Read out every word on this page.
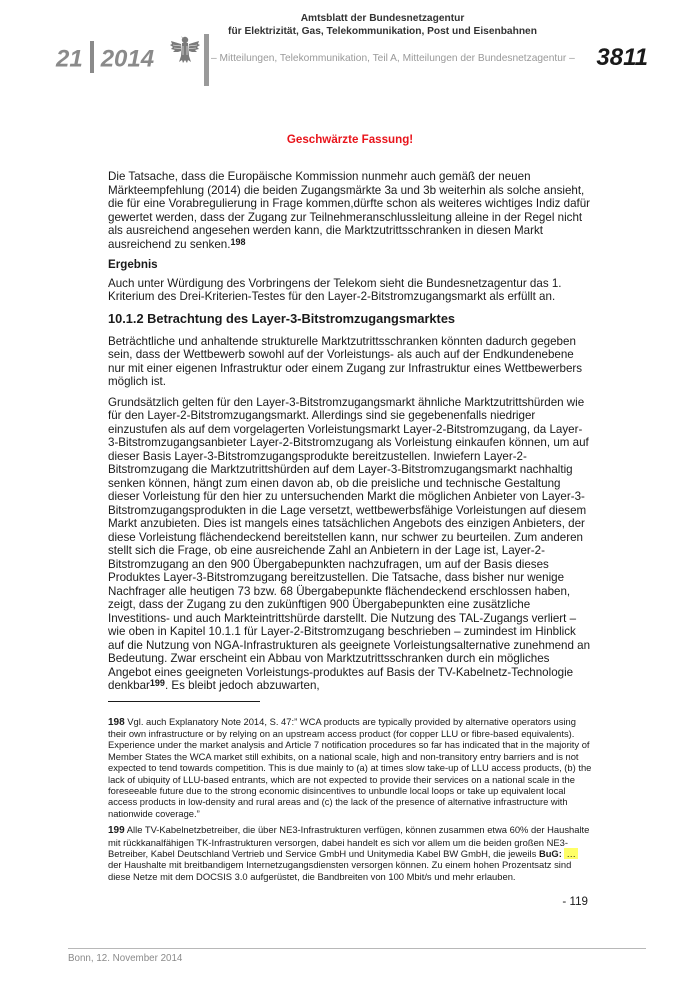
21 2014
Amtsblatt der Bundesnetzagentur
für Elektrizität, Gas, Telekommunikation, Post und Eisenbahnen
– Mitteilungen, Telekommunikation, Teil A, Mitteilungen der Bundesnetzagentur – 3811
Geschwärzte Fassung!

Die Tatsache, dass die Europäische Kommission nunmehr auch gemäß der neuen Märkteempfehlung (2014) die beiden Zugangsmärkte 3a und 3b weiterhin als solche ansieht, die für eine Vorabregulierung in Frage kommen,dürfte schon als weiteres wichtiges Indiz dafür gewertet werden, dass der Zugang zur Teilnehmeranschlussleitung alleine in der Regel nicht als ausreichend angesehen werden kann, die Marktzutrittsschranken in diesen Markt ausreichend zu senken.$^{198}$

Ergebnis

Auch unter Würdigung des Vorbringens der Telekom sieht die Bundesnetzagentur das 1. Kriterium des Drei-Kriterien-Testes für den Layer-2-Bitstromzugangsmarkt als erfüllt an.

10.1.2 Betrachtung des Layer-3-Bitstromzugangsmarktes

Beträchtliche und anhaltende strukturelle Marktzutrittsschranken könnten dadurch gegeben sein, dass der Wettbewerb sowohl auf der Vorleistungs- als auch auf der Endkundenebene nur mit einer eigenen Infrastruktur oder einem Zugang zur Infrastruktur eines Wettbewerbers möglich ist.

Grundsätzlich gelten für den Layer-3-Bitstromzugangsmarkt ähnliche Marktzutrittshürden wie für den Layer-2-Bitstromzugangsmarkt. Allerdings sind sie gegebenenfalls niedriger einzustufen als auf dem vorgelagerten Vorleistungsmarkt Layer-2-Bitstromzugang, da Layer-3-Bitstromzugangsanbieter Layer-2-Bitstromzugang als Vorleistung einkaufen können, um auf dieser Basis Layer-3-Bitstromzugangsprodukte bereitzustellen. Inwiefern Layer-2-Bitstromzugang die Marktzutrittshürden auf dem Layer-3-Bitstromzugangsmarkt nachhaltig senken können, hängt zum einen davon ab, ob die preisliche und technische Gestaltung dieser Vorleistung für den hier zu untersuchenden Markt die möglichen Anbieter von Layer-3-Bitstromzugangsprodukten in die Lage versetzt, wettbewerbsfähige Vorleistungen auf diesem Markt anzubieten. Dies ist mangels eines tatsächlichen Angebots des einzigen Anbieters, der diese Vorleistung flächendeckend bereitstellen kann, nur schwer zu beurteilen. Zum anderen stellt sich die Frage, ob eine ausreichende Zahl an Anbietern in der Lage ist, Layer-2-Bitstromzugang an den 900 Übergabepunkten nachzufragen, um auf der Basis dieses Produktes Layer-3-Bitstromzugang bereitzustellen. Die Tatsache, dass bisher nur wenige Nachfrager alle heutigen 73 bzw. 68 Übergabepunkte flächendeckend erschlossen haben, zeigt, dass der Zugang zu den zukünftigen 900 Übergabepunkten eine zusätzliche Investitions- und auch Markteintrittshürde darstellt. Die Nutzung des TAL-Zugangs verliert – wie oben in Kapitel 10.1.1 für Layer-2-Bitstromzugang beschrieben – zumindest im Hinblick auf die Nutzung von NGA-Infrastrukturen als geeignete Vorleistungsalternative zunehmend an Bedeutung. Zwar erscheint ein Abbau von Marktzutrittsschranken durch ein mögliches Angebot eines geeigneten Vorleistungs-produktes auf Basis der TV-Kabelnetz-Technologie denkbar$^{199}$. Es bleibt jedoch abzuwarten,

198 Vgl. auch Explanatory Note 2014, S. 47:” WCA products are typically provided by alternative operators using their own infrastructure or by relying on an upstream access product (for copper LLU or fibre-based equivalents). Experience under the market analysis and Article 7 notification procedures so far has indicated that in the majority of Member States the WCA market still exhibits, on a national scale, high and non-transitory entry barriers and is not expected to tend towards competition. This is due mainly to (a) at times slow take-up of LLU access products, (b) the lack of ubiquity of LLU-based entrants, which are not expected to provide their services on a national scale in the foreseeable future due to the strong economic disincentives to unbundle local loops or take up equivalent local access products in low-density and rural areas and (c) the lack of the presence of alternative infrastructure with nationwide coverage.”
199 Alle TV-Kabelnetzbetreiber, die über NE3-Infrastrukturen verfügen, können zusammen etwa 60% der Haushalte mit rückkanalfähigen TK-Infrastrukturen versorgen, dabei handelt es sich vor allem um die beiden großen NE3-Betreiber, Kabel Deutschland Vertrieb und Service GmbH und Unitymedia Kabel BW GmbH, die jeweils BuG: … der Haushalte mit breitbandigem Internetzugangsdiensten versorgen können. Zu einem hohen Prozentsatz sind diese Netze mit dem DOCSIS 3.0 aufgerüstet, die Bandbreiten von 100 Mbit/s und mehr erlauben.
- 119
Bonn, 12. November 2014
